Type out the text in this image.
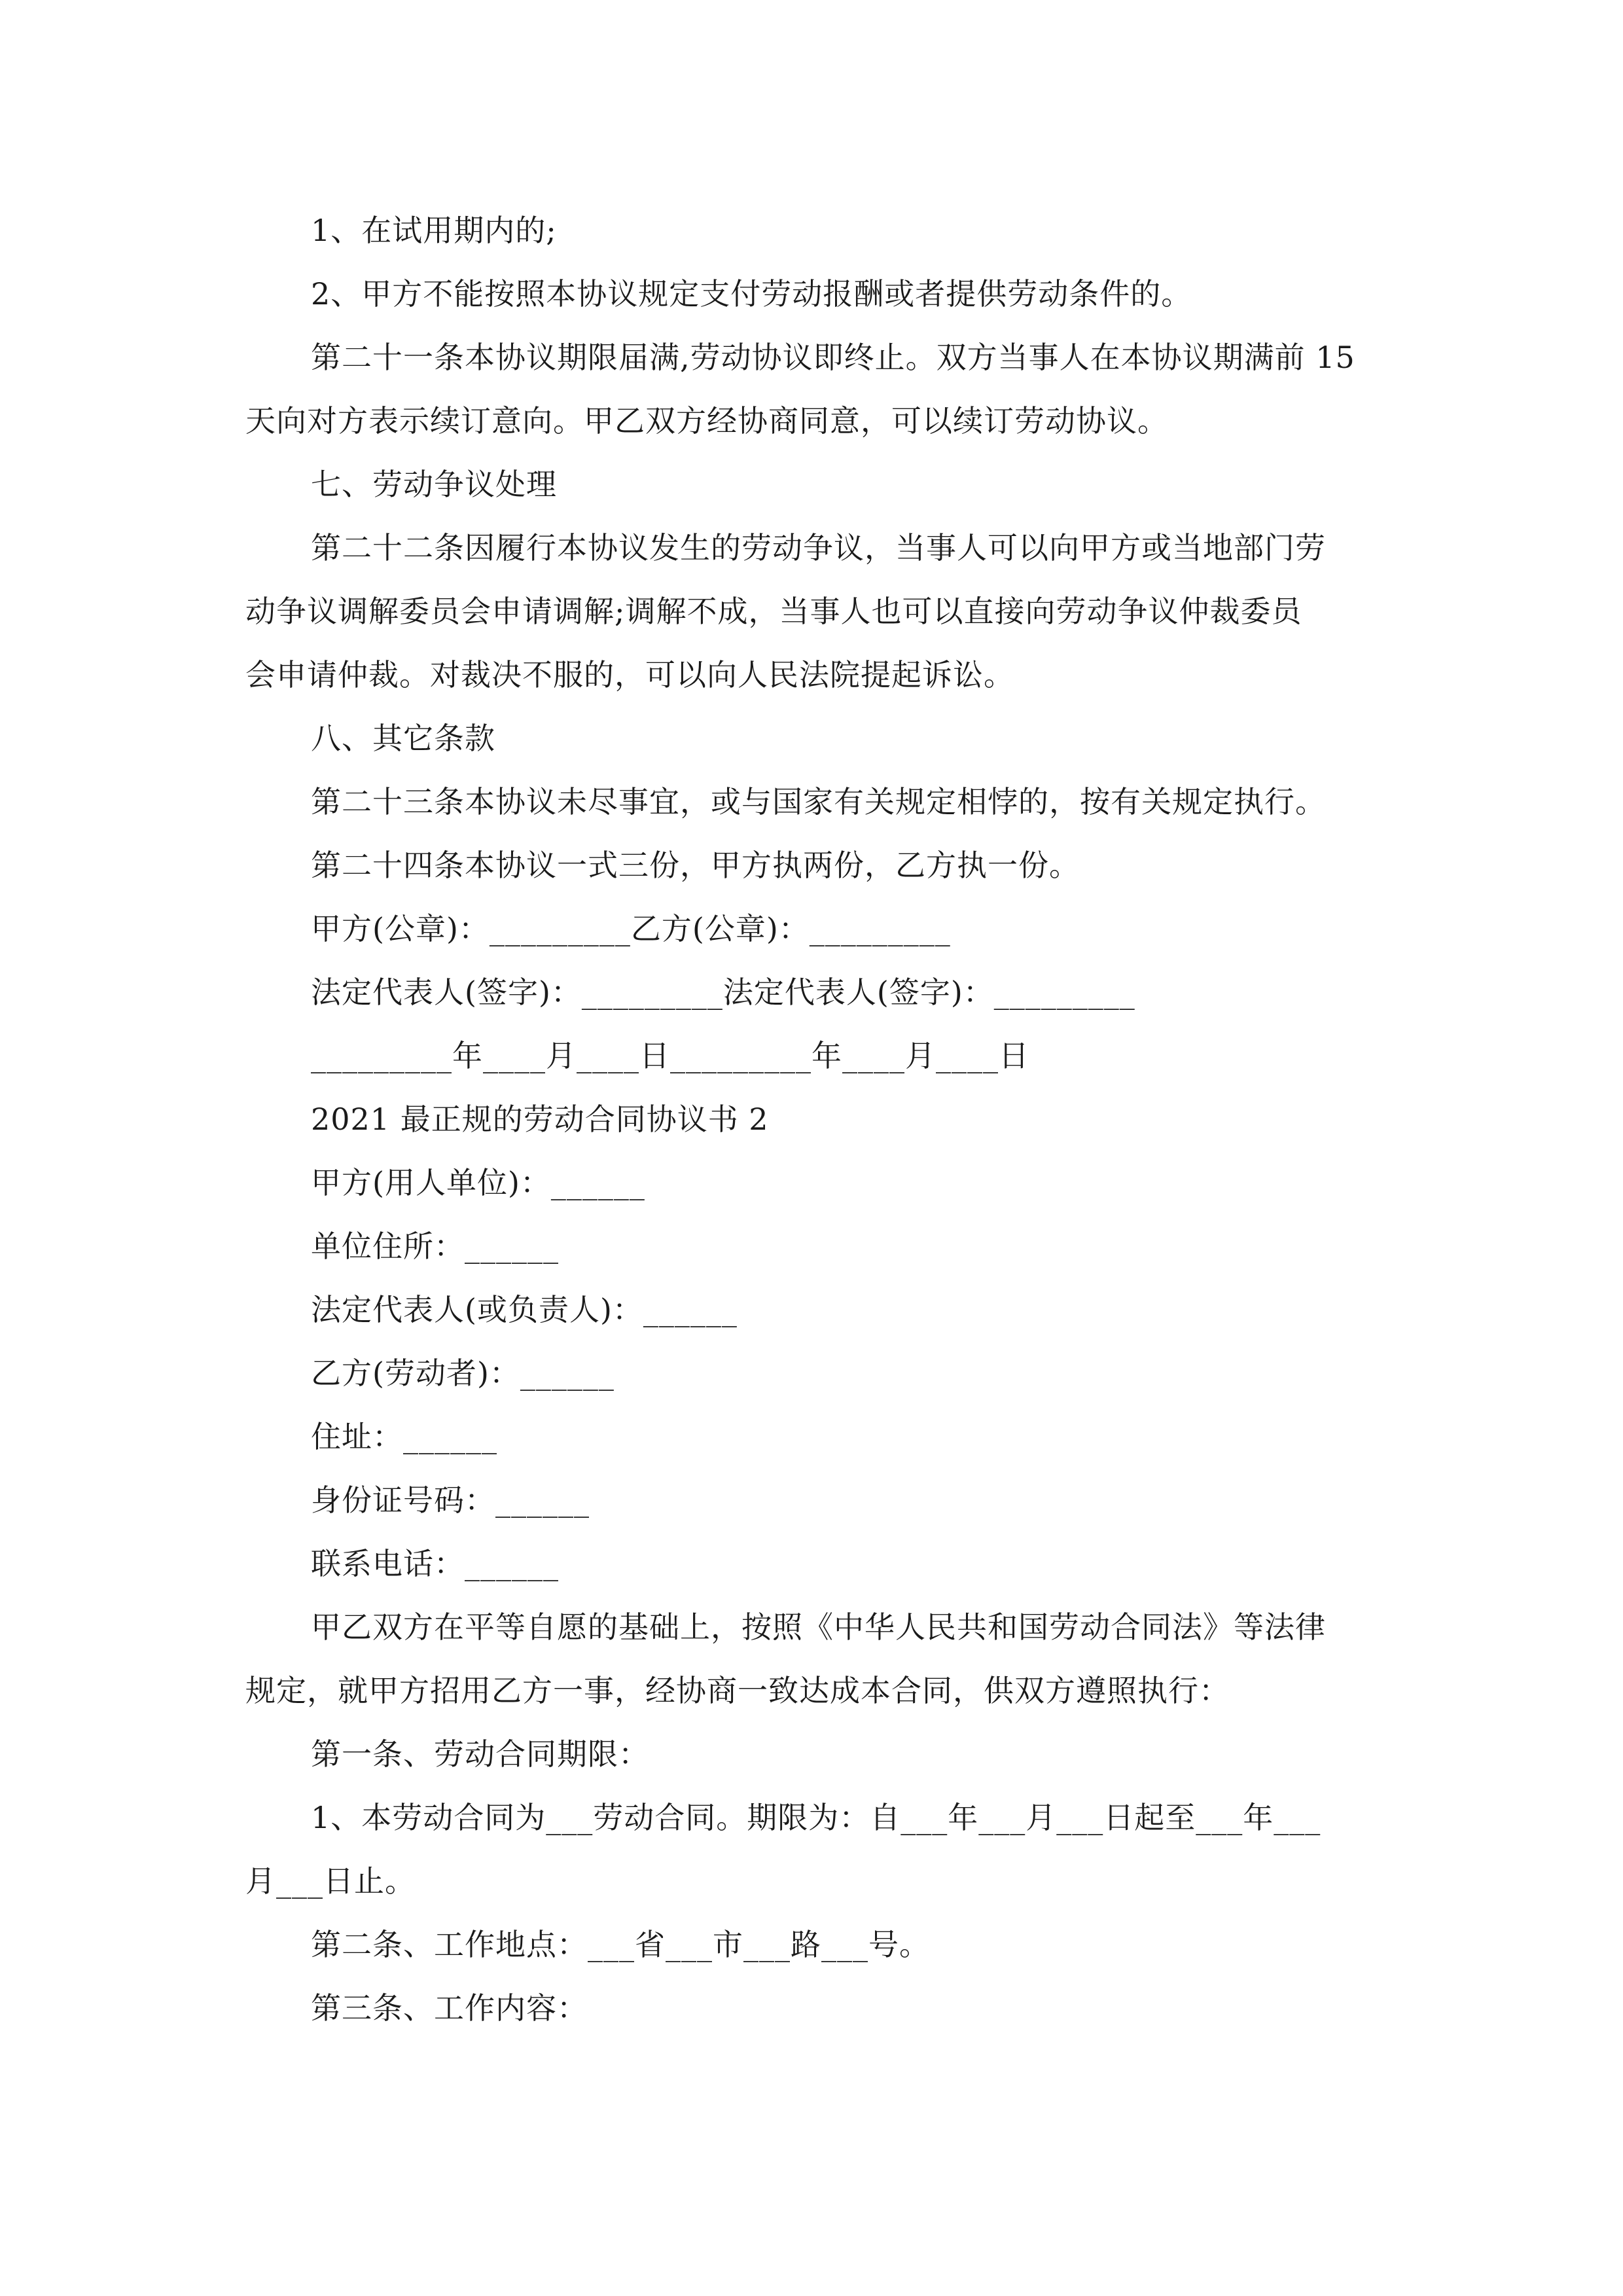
1、在试用期内的;
2、甲方不能按照本协议规定支付劳动报酬或者提供劳动条件的。
第二十一条本协议期限届满,劳动协议即终止。双方当事人在本协议期满前 15
天向对方表示续订意向。甲乙双方经协商同意，可以续订劳动协议。
七、劳动争议处理
第二十二条因履行本协议发生的劳动争议，当事人可以向甲方或当地部门劳
动争议调解委员会申请调解;调解不成，当事人也可以直接向劳动争议仲裁委员
会申请仲裁。对裁决不服的，可以向人民法院提起诉讼。
八、其它条款
第二十三条本协议未尽事宜，或与国家有关规定相悖的，按有关规定执行。
第二十四条本协议一式三份，甲方执两份，乙方执一份。
甲方(公章)：_________乙方(公章)：_________
法定代表人(签字)：_________法定代表人(签字)：_________
_________年____月____日_________年____月____日
2021 最正规的劳动合同协议书 2
甲方(用人单位)：______
单位住所：______
法定代表人(或负责人)：______
乙方(劳动者)：______
住址：______
身份证号码：______
联系电话：______
甲乙双方在平等自愿的基础上，按照《中华人民共和国劳动合同法》等法律
规定，就甲方招用乙方一事，经协商一致达成本合同，供双方遵照执行：
第一条、劳动合同期限：
1、本劳动合同为___劳动合同。期限为：自___年___月___日起至___年___
月___日止。
第二条、工作地点：___省___市___路___号。
第三条、工作内容：
